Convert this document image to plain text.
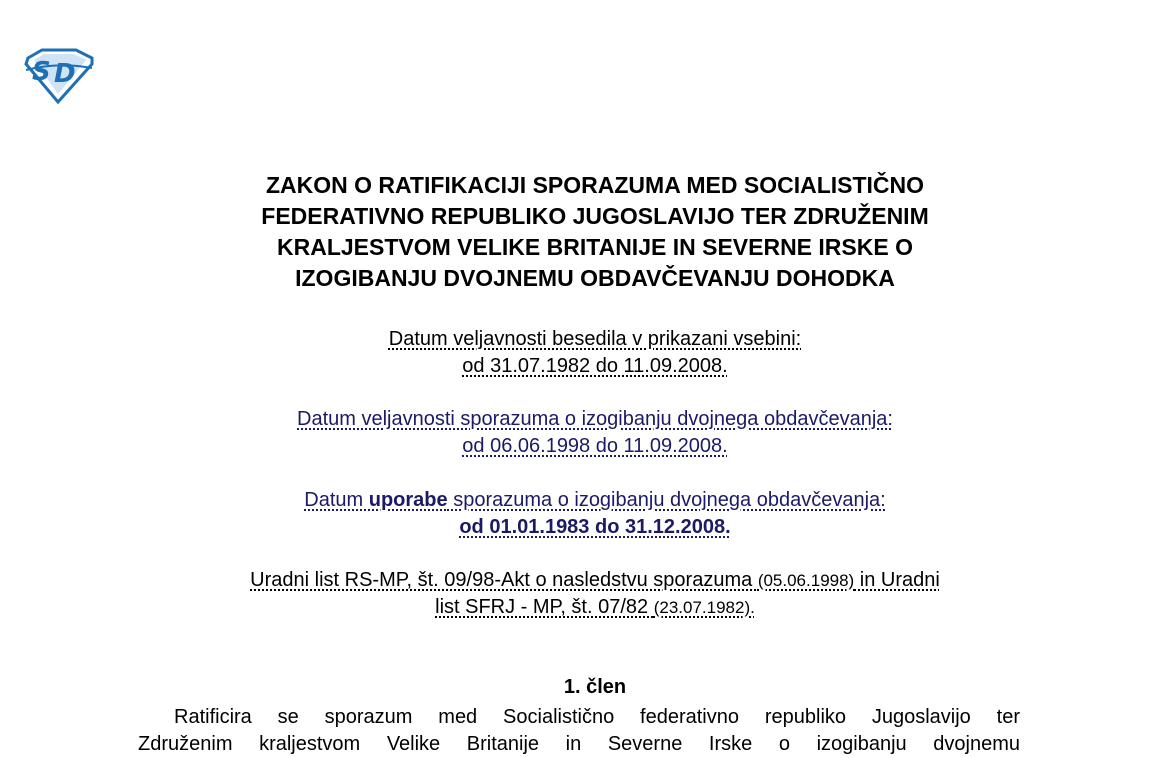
S D
ZAKON O RATIFIKACIJI SPORAZUMA MED SOCIALISTIČNO
FEDERATIVNO REPUBLIKO JUGOSLAVIJO TER ZDRUŽENIM
KRALJESTVOM VELIKE BRITANIJE IN SEVERNE IRSKE O
IZOGIBANJU DVOJNEMU OBDAVČEVANJU DOHODKA
Datum veljavnosti besedila v prikazani vsebini:
od 31.07.1982 do 11.09.2008.
Datum veljavnosti sporazuma o izogibanju dvojnega obdavčevanja:
od 06.06.1998 do 11.09.2008.
Datum uporabe sporazuma o izogibanju dvojnega obdavčevanja:
od 01.01.1983 do 31.12.2008.
Uradni list RS-MP, št. 09/98-Akt o nasledstvu sporazuma (05.06.1998) in Uradni
list SFRJ - MP, št. 07/82 (23.07.1982).
1. člen
Ratificira se sporazum med Socialistično federativno republiko Jugoslavijo ter
Združenim kraljestvom Velike Britanije in Severne Irske o izogibanju dvojnemu
